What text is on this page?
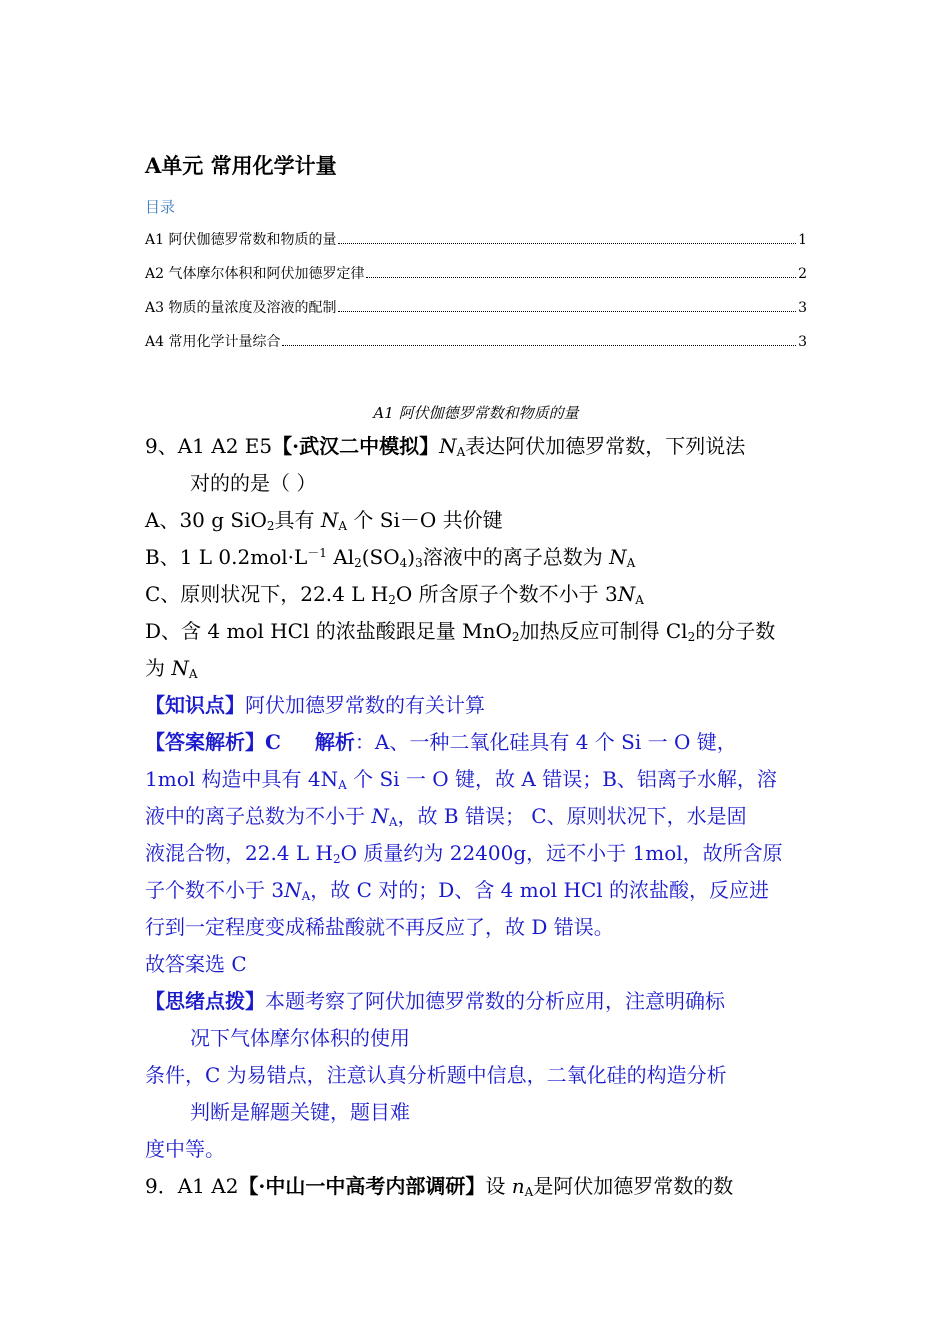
A单元 常用化学计量
目录
A1 阿伏伽德罗常数和物质的量	1
A2 气体摩尔体积和阿伏加德罗定律	2
A3 物质的量浓度及溶液的配制	3
A4 常用化学计量综合	3
A1 阿伏伽德罗常数和物质的量
9、A1 A2 E5【·武汉二中模拟】$N_A$表达阿伏加德罗常数，下列说法
对的的是（ ）
A、30 g SiO$_2$具有 $N_A$ 个 Si－O 共价键
B、1 L $0.2mol\cdot L^{-1}$ $Al_2(SO_4)_3$溶液中的离子总数为 $N_A$
C、原则状况下，22.4 L $H_2O$ 所含原子个数不小于 $3N_A$
D、含 4 mol HCl 的浓盐酸跟足量 MnO$_2$加热反应可制得 $Cl_2$的分子数
为 $N_A$
【知识点】阿伏加德罗常数的有关计算
【答案解析】C 解析：A、一种二氧化硅具有 4 个 Si 一 O 键，
1mol 构造中具有 $4N_A$ 个 Si 一 O 键，故 A 错误；B、铝离子水解，溶
液中的离子总数为不小于 $N_A$，故 B 错误； C、原则状况下，水是固
液混合物，22.4 L $H_2O$ 质量约为 22400g，远不小于 1mol，故所含原
子个数不小于 $3N_A$，故 C 对的；D、含 4 mol HCl 的浓盐酸，反应进
行到一定程度变成稀盐酸就不再反应了，故 D 错误。
故答案选 C
【思绪点拨】本题考察了阿伏加德罗常数的分析应用，注意明确标
况下气体摩尔体积的使用
条件，C 为易错点，注意认真分析题中信息，二氧化硅的构造分析
判断是解题关键，题目难
度中等。
9．A1 A2【·中山一中高考内部调研】设 $n_A$是阿伏加德罗常数的数
